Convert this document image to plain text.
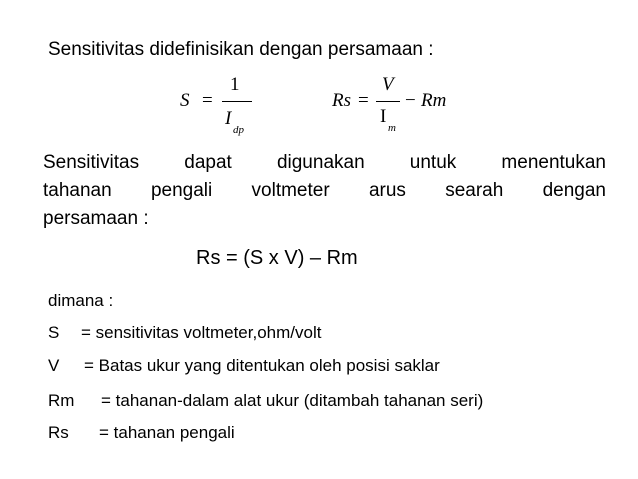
Sensitivitas didefinisikan dengan persamaan :
S =
1
I
dp
Rs =
V
I
m
− Rm
Sensitivitas dapat digunakan untuk menentukan
tahanan pengali voltmeter arus searah dengan
persamaan :
Rs = (S x V) – Rm
dimana :
S = sensitivitas voltmeter,ohm/volt
V = Batas ukur yang ditentukan oleh posisi saklar
Rm = tahanan-dalam alat ukur (ditambah tahanan seri)
Rs = tahanan pengali
